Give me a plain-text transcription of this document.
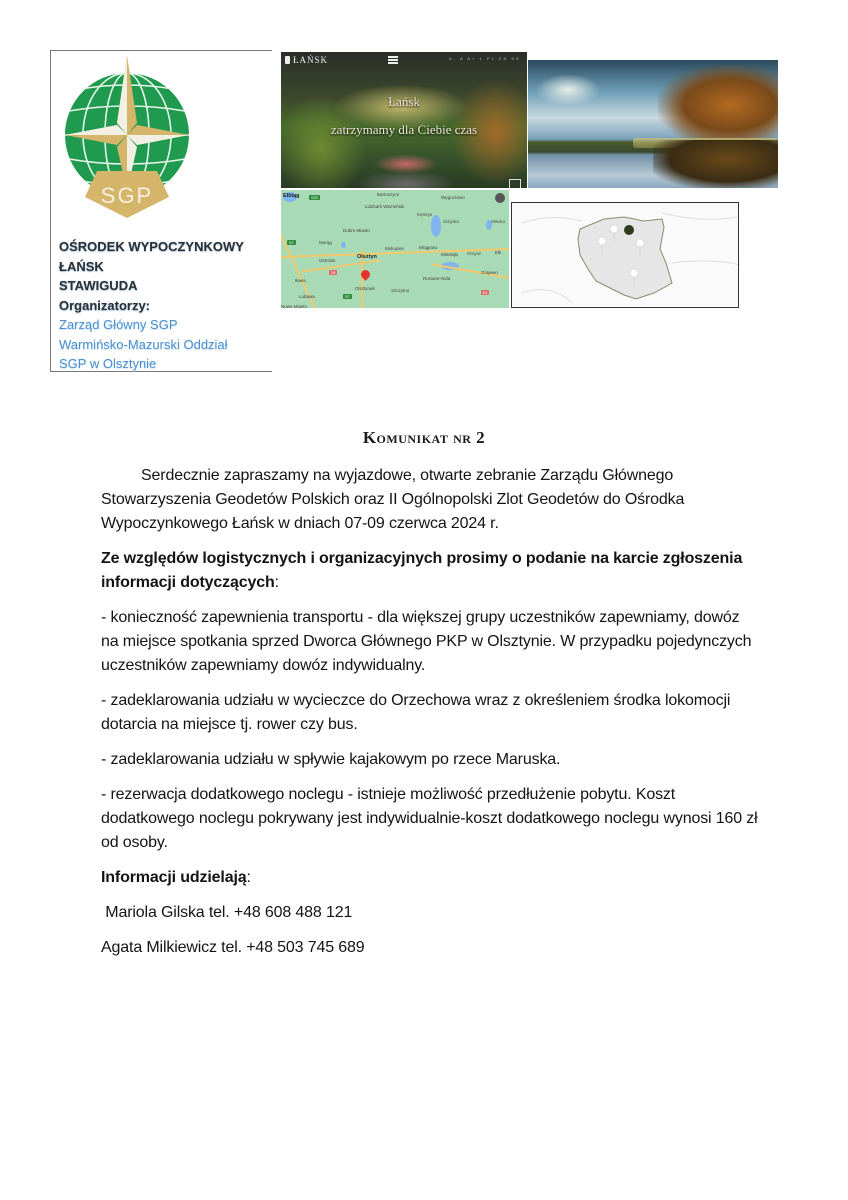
SGP
OŚRODEK WYPOCZYNKOWY
ŁAŃSK
STAWIGUDA
Organizatorzy:
Zarząd Główny SGP
Warmińsko-Mazurski Oddział
SGP w Olsztynie
ŁAŃSK	A- A A+ ◐ PL EN DE
Łańsk
zatrzymamy dla Ciebie czas
S22
S7
S7
16
61
Elbląg
Olsztyn
Bartoszyce
Węgorzewo
Lidzbark Warmiński
Kętrzyn
Giżycko	Olecko
Dobre Miasto
Morąg
Biskupiec	Mrągowo
Mikołajki Orzysz	Ełk
Ostróda
Ruciane-Nida
Grajewo
Iława
Olsztynek	Szczytno
Lubawa
Nowe Miasto
Komunikat nr 2

Serdecznie zapraszamy na wyjazdowe, otwarte zebranie Zarządu Głównego Stowarzyszenia Geodetów Polskich oraz II Ogólnopolski Zlot Geodetów do Ośrodka Wypoczynkowego Łańsk w dniach 07-09 czerwca 2024 r.

Ze względów logistycznych i organizacyjnych prosimy o podanie na karcie zgłoszenia informacji dotyczących:

- konieczność zapewnienia transportu - dla większej grupy uczestników zapewniamy, dowóz na miejsce spotkania sprzed Dworca Głównego PKP w Olsztynie. W przypadku pojedynczych uczestników zapewniamy dowóz indywidualny.

- zadeklarowania udziału w wycieczce do Orzechowa wraz z określeniem środka lokomocji dotarcia na miejsce tj. rower czy bus.

- zadeklarowania udziału w spływie kajakowym po rzece Maruska.

- rezerwacja dodatkowego noclegu - istnieje możliwość przedłużenie pobytu. Koszt dodatkowego noclegu pokrywany jest indywidualnie-koszt dodatkowego noclegu wynosi 160 zł od osoby.

Informacji udzielają:

Mariola Gilska tel. +48 608 488 121

Agata Milkiewicz tel. +48 503 745 689
